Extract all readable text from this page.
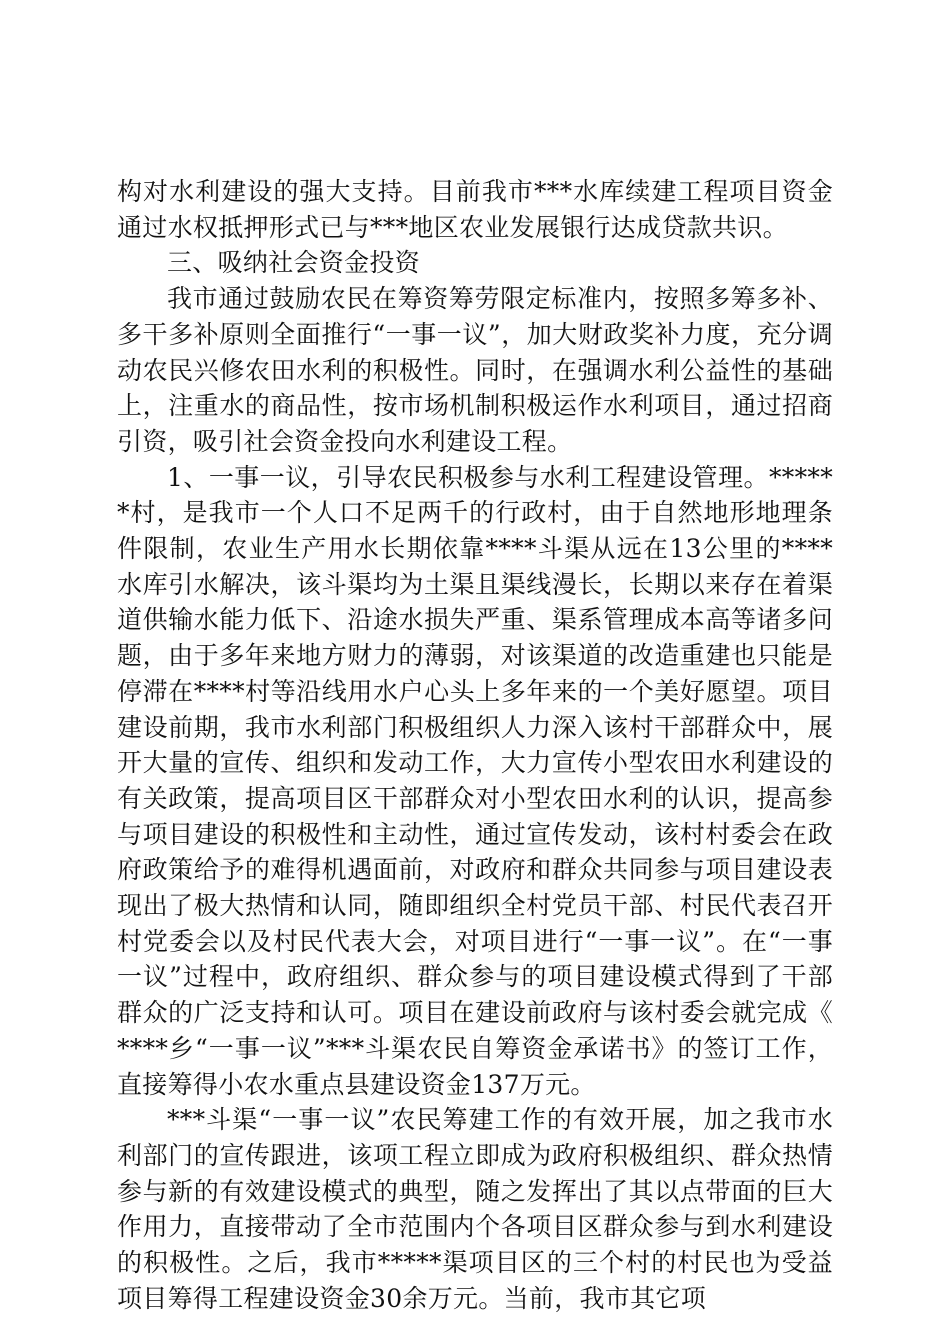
构对水利建设的强大支持。目前我市***水库续建工程项目资金通过水权抵押形式已与***地区农业发展银行达成贷款共识。

三、吸纳社会资金投资

我市通过鼓励农民在筹资筹劳限定标准内，按照多筹多补、多干多补原则全面推行“一事一议”，加大财政奖补力度，充分调动农民兴修农田水利的积极性。同时，在强调水利公益性的基础上，注重水的商品性，按市场机制积极运作水利项目，通过招商引资，吸引社会资金投向水利建设工程。

1、一事一议，引导农民积极参与水利工程建设管理。******村，是我市一个人口不足两千的行政村，由于自然地形地理条件限制，农业生产用水长期依靠****斗渠从远在13公里的****水库引水解决，该斗渠均为土渠且渠线漫长，长期以来存在着渠道供输水能力低下、沿途水损失严重、渠系管理成本高等诸多问题，由于多年来地方财力的薄弱，对该渠道的改造重建也只能是停滞在****村等沿线用水户心头上多年来的一个美好愿望。项目建设前期，我市水利部门积极组织人力深入该村干部群众中，展开大量的宣传、组织和发动工作，大力宣传小型农田水利建设的有关政策，提高项目区干部群众对小型农田水利的认识，提高参与项目建设的积极性和主动性，通过宣传发动，该村村委会在政府政策给予的难得机遇面前，对政府和群众共同参与项目建设表现出了极大热情和认同，随即组织全村党员干部、村民代表召开村党委会以及村民代表大会，对项目进行“一事一议”。在“一事一议”过程中，政府组织、群众参与的项目建设模式得到了干部群众的广泛支持和认可。项目在建设前政府与该村委会就完成《****乡“一事一议”***斗渠农民自筹资金承诺书》的签订工作，直接筹得小农水重点县建设资金137万元。

***斗渠“一事一议”农民筹建工作的有效开展，加之我市水利部门的宣传跟进，该项工程立即成为政府积极组织、群众热情参与新的有效建设模式的典型，随之发挥出了其以点带面的巨大作用力，直接带动了全市范围内个各项目区群众参与到水利建设的积极性。之后，我市*****渠项目区的三个村的村民也为受益项目筹得工程建设资金30余万元。当前，我市其它项
